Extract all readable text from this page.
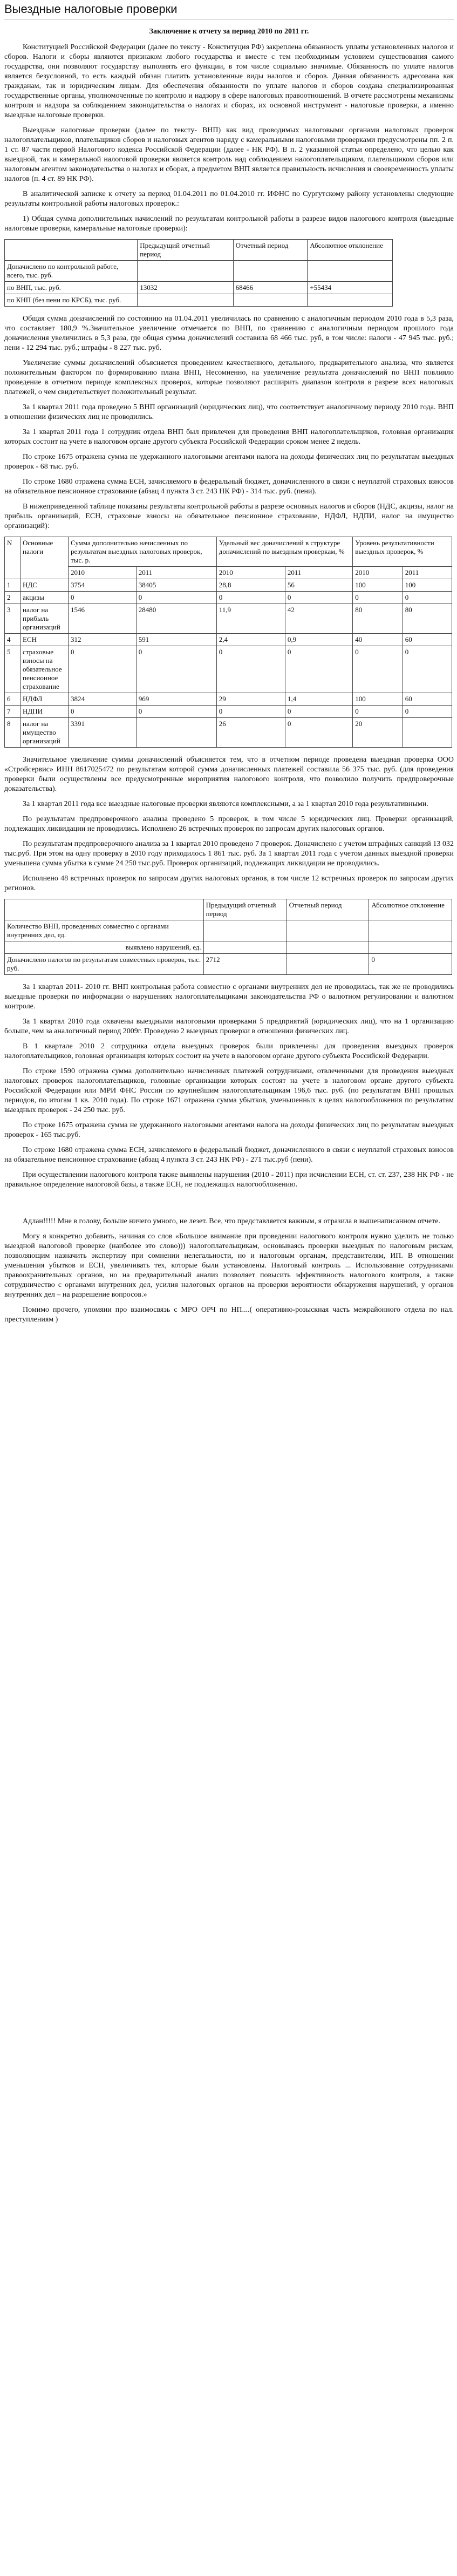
Выездные налоговые проверки
Заключение к отчету за период 2010 по 2011 гг.

Конституцией Российской Федерации (далее по тексту - Конституция РФ) закреплена обязанность уплаты установленных налогов и сборов. Налоги и сборы являются признаком любого государства и вместе с тем необходимым условием существования самого государства, они позволяют государству выполнять его функции, в том числе социально значимые. Обязанность по уплате налогов является безусловной, то есть каждый обязан платить установленные виды налогов и сборов. Данная обязанность адресована как гражданам, так и юридическим лицам. Для обеспечения обязанности по уплате налогов и сборов создана специализированная государственные органы, уполномоченные по контролю и надзору в сфере налоговых правоотношений. В отчете рассмотрены механизмы контроля и надзора за соблюдением законодательства о налогах и сборах, их основной инструмент - налоговые проверки, а именно выездные налоговые проверки.

Выездные налоговые проверки (далее по тексту- ВНП) как вид проводимых налоговыми органами налоговых проверок налогоплательщиков, плательщиков сборов и налоговых агентов наряду с камеральными налоговыми проверками предусмотрены пп. 2 п. 1 ст. 87 части первой Налогового кодекса Российской Федерации (далее - НК РФ). В п. 2 указанной статьи определено, что целью как выездной, так и камеральной налоговой проверки является контроль над соблюдением налогоплательщиком, плательщиком сборов или налоговым агентом законодательства о налогах и сборах, а предметом ВНП является правильность исчисления и своевременность уплаты налогов (п. 4 ст. 89 НК РФ).

В аналитической записке к отчету за период 01.04.2011 по 01.04.2010 гг. ИФНС по Сургутскому району установлены следующие результаты контрольной работы налоговых проверок.:

1) Общая сумма дополнительных начислений по результатам контрольной работы в разрезе видов налогового контроля (выездные налоговые проверки, камеральные налоговые проверки):

	Предыдущий отчетный период	Отчетный период	Абсолютное отклонение
Доначислено по контрольной работе, всего, тыс. руб.			
по ВНП, тыс. руб.	13032	68466	+55434
по КНП (без пени по КРСБ), тыс. руб.			

Общая сумма доначислений по состоянию на 01.04.2011 увеличилась по сравнению с аналогичным периодом 2010 года в 5,3 раза, что составляет 180,9 %.Значительное увеличение отмечается по ВНП, по сравнению с аналогичным периодом прошлого года доначисления увеличились в 5,3 раза, где общая сумма доначислений составила 68 466 тыс. руб, в том числе: налоги - 47 945 тыс. руб.; пени - 12 294 тыс. руб.; штрафы - 8 227 тыс. руб.

Увеличение суммы доначислений объясняется проведением качественного, детального, предварительного анализа, что является положительным фактором по формированию плана ВНП, Несомненно, на увеличение результата доначислений по ВНП повлияло проведение в отчетном периоде комплексных проверок, которые позволяют расширить диапазон контроля в разрезе всех налоговых платежей, о чем свидетельствует положительный результат.

За 1 квартал 2011 года проведено 5 ВНП организаций (юридических лиц), что соответствует аналогичному периоду 2010 года. ВНП в отношении физических лиц не проводились.

За 1 квартал 2011 года 1 сотрудник отдела ВНП был привлечен для проведения ВНП налогоплательщиков, головная организация которых состоит на учете в налоговом органе другого субъекта Российской Федерации сроком менее 2 недель.

По строке 1675 отражена сумма не удержанного налоговыми агентами налога на доходы физических лиц по результатам выездных проверок - 68 тыс. руб.

По строке 1680 отражена сумма ЕСН, зачисляемого в федеральный бюджет, доначисленного в связи с неуплатой страховых взносов на обязательное пенсионное страхование (абзац 4 пункта 3 ст. 243 НК РФ) - 314 тыс. руб. (пени).

В нижеприведенной таблице показаны результаты контрольной работы в разрезе основных налогов и сборов (НДС, акцизы, налог на прибыль организаций, ЕСН, страховые взносы на обязательное пенсионное страхование, НДФЛ, НДПИ, налог на имущество организаций):

N	Основные налоги	Сумма дополнительно начисленных по результатам выездных налоговых проверок, тыс. р.		Удельный вес доначислений в структуре доначислений по выездным проверкам, %		Уровень результативности выездных проверок, %	
		2010	2011	2010	2011	2010	2011
1	НДС	3754	38405	28,8	56	100	100
2	акцизы	0	0	0	0	0	0
3	налог на прибыль организаций	1546	28480	11,9	42	80	80
4	ЕСН	312	591	2,4	0,9	40	60
5	страховые взносы на обязательное пенсионное страхование	0	0	0	0	0	0
6	НДФЛ	3824	969	29	1,4	100	60
7	НДПИ	0	0	0	0	0	0
8	налог на имущество организаций	3391		26	0	20	

Значительное увеличение суммы доначислений объясняется тем, что в отчетном периоде проведена выездная проверка ООО «Стройсервис» ИНН 8617025472 по результатам которой сумма доначисленных платежей составила 56 375 тыс. руб. (для проведения проверки были осуществлены все предусмотренные мероприятия налогового контроля, что позволило получить предпроверочные доказательства).

За 1 квартал 2011 года все выездные налоговые проверки являются комплексными, а за 1 квартал 2010 года результативными.

По результатам предпроверочного анализа проведено 5 проверок, в том числе 5 юридических лиц. Проверки организаций, подлежащих ликвидации не проводились. Исполнено 26 встречных проверок по запросам других налоговых органов.

По результатам предпроверочного анализа за 1 квартал 2010 проведено 7 проверок. Доначислено с учетом штрафных санкций 13 032 тыс.руб. При этом на одну проверку в 2010 году приходилось 1 861 тыс. руб. За 1 квартал 2011 года с учетом данных выездной проверки уменьшена сумма убытка в сумме 24 250 тыс.руб. Проверок организаций, подлежащих ликвидации не проводились.

Исполнено 48 встречных проверок по запросам других налоговых органов, в том числе 12 встречных проверок по запросам других регионов.

	Предыдущий отчетный период	Отчетный период	Абсолютное отклонение
Количество ВНП, проведенных совместно с органами внутренних дел, ед.			
выявлено нарушений, ед.			
Доначислено налогов по результатам совместных проверок, тыс. руб.	2712		0

За 1 квартал 2011- 2010 гг. ВНП контрольная работа совместно с органами внутренних дел не проводилась, так же не проводились выездные проверки по информации о нарушениях налогоплательщиками законодательства РФ о валютном регулировании и валютном контроле.

За 1 квартал 2010 года охвачены выездными налоговыми проверками 5 предприятий (юридических лиц), что на 1 организацию больше, чем за аналогичный период 2009г. Проведено 2 выездных проверки в отношении физических лиц.

В 1 квартале 2010 2 сотрудника отдела выездных проверок были привлечены для проведения выездных проверок налогоплательщиков, головная организация которых состоит на учете в налоговом органе другого субъекта Российской Федерации.

По строке 1590 отражена сумма дополнительно начисленных платежей сотрудниками, отвлеченными для проведения выездных налоговых проверок налогоплательщиков, головные организации которых состоят на учете в налоговом органе другого субъекта Российской Федерации или МРИ ФНС России по крупнейшим налогоплательщикам 196,6 тыс. руб. (по результатам ВНП прошлых периодов, по итогам 1 кв. 2010 года). По строке 1671 отражена сумма убытков, уменьшенных в целях налогообложения по результатам выездных проверок - 24 250 тыс. руб.

По строке 1675 отражена сумма не удержанного налоговыми агентами налога на доходы физических лиц по результатам выездных проверок - 165 тыс.руб.

По строке 1680 отражена сумма ЕСН, зачисляемого в федеральный бюджет, доначисленного в связи с неуплатой страховых взносов на обязательное пенсионное страхование (абзац 4 пункта 3 ст. 243 НК РФ) - 271 тыс.руб (пени).

При осуществлении налогового контроля также выявлены нарушения (2010 - 2011) при исчислении ЕСН, ст. ст. 237, 238 НК РФ - не правильное определение налоговой базы, а также ЕСН, не подлежащих налогообложению.

Адлан!!!!! Мне в голову, больше ничего умного, не лезет. Все, что представляется важным, я отразила в вышенаписанном отчете.

Могу я конкретно добавить, начиная со слов «Большое внимание при проведении налогового контроля нужно уделить не только выездной налоговой проверке (наиболее это слово))) налогоплательщикам, основываясь проверки выездных по налоговым рискам, позволяющим назначить экспертизу при сомнении нелегальности, но и налоговым органам, представителям, ИП. В отношении уменьшения убытков и ЕСН, увеличивать тех, которые были установлены. Налоговый контроль ... Использование сотрудниками правоохранительных органов, но на предварительный анализ позволяет повысить эффективность налогового контроля, а также сотрудничество с органами внутренних дел, усилия налоговых органов на проверки вероятности обнаружения нарушений, у органов внутренних дел – на разрешение вопросов.»

Помимо прочего, упомяни про взаимосвязь с МРО ОРЧ по НП....( оперативно-розыскная часть межрайонного отдела по нал. преступлениям )
